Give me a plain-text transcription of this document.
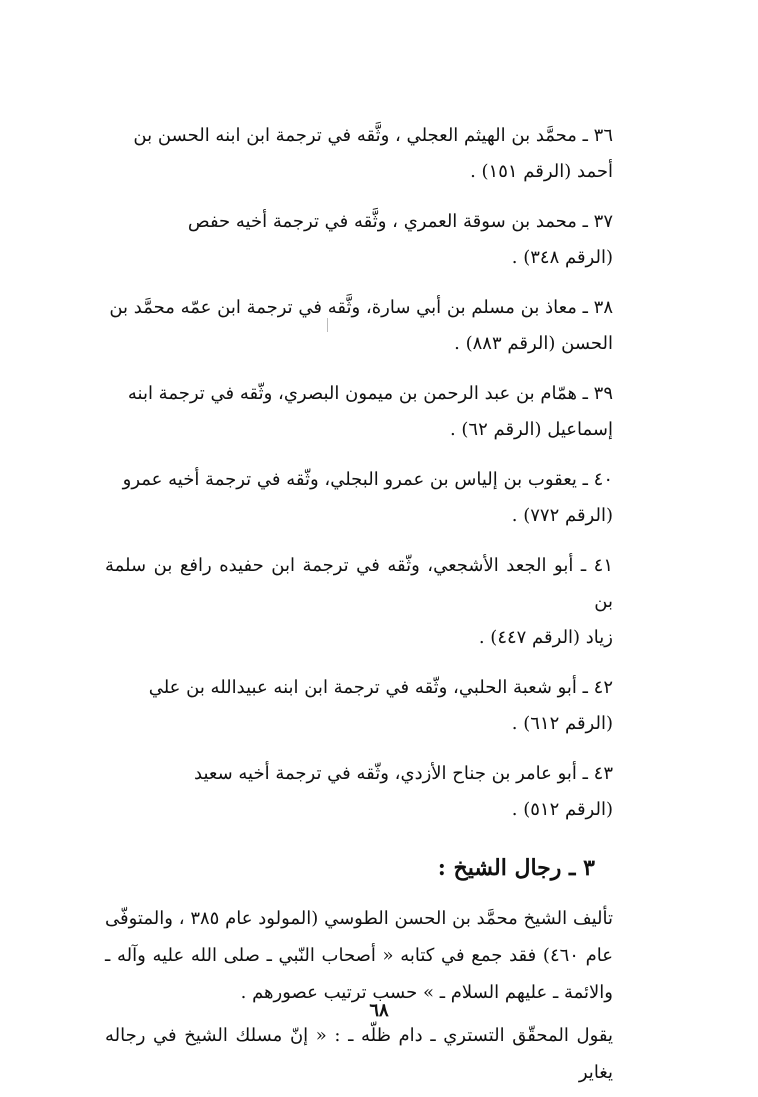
٣٦ ـ محمَّد بن الهيثم العجلي ، وثَّقه في ترجمة ابن ابنه الحسن بن
أحمد (الرقم ١٥١) .
٣٧ ـ محمد بن سوقة العمري ، وثَّقه في ترجمة أخيه حفص
(الرقم ٣٤٨) .
٣٨ ـ معاذ بن مسلم بن أبي سارة، وثَّقه في ترجمة ابن عمّه محمَّد بن
الحسن (الرقم ٨٨٣) .
٣٩ ـ همّام بن عبد الرحمن بن ميمون البصري، وثّقه في ترجمة ابنه
إسماعيل (الرقم ٦٢) .
٤٠ ـ يعقوب بن إلياس بن عمرو البجلي، وثّقه في ترجمة أخيه عمرو
(الرقم ٧٧٢) .
٤١ ـ أبو الجعد الأشجعي، وثّقه في ترجمة ابن حفيده رافع بن سلمة بن
زياد (الرقم ٤٤٧) .
٤٢ ـ أبو شعبة الحلبي، وثّقه في ترجمة ابن ابنه عبيدالله بن علي
(الرقم ٦١٢) .
٤٣ ـ أبو عامر بن جناح الأزدي، وثّقه في ترجمة أخيه سعيد
(الرقم ٥١٢) .
٣ ـ رجال الشيخ :

تأليف الشيخ محمَّد بن الحسن الطوسي (المولود عام ٣٨٥ ، والمتوفّى عام ٤٦٠) فقد جمع في كتابه « أصحاب النّبي ـ صلى الله عليه وآله ـ والائمة ـ عليهم السلام ـ » حسب ترتيب عصورهم .

يقول المحقّق التستري ـ دام ظلّه ـ : « إنّ مسلك الشيخ في رجاله يغاير

٦٨
